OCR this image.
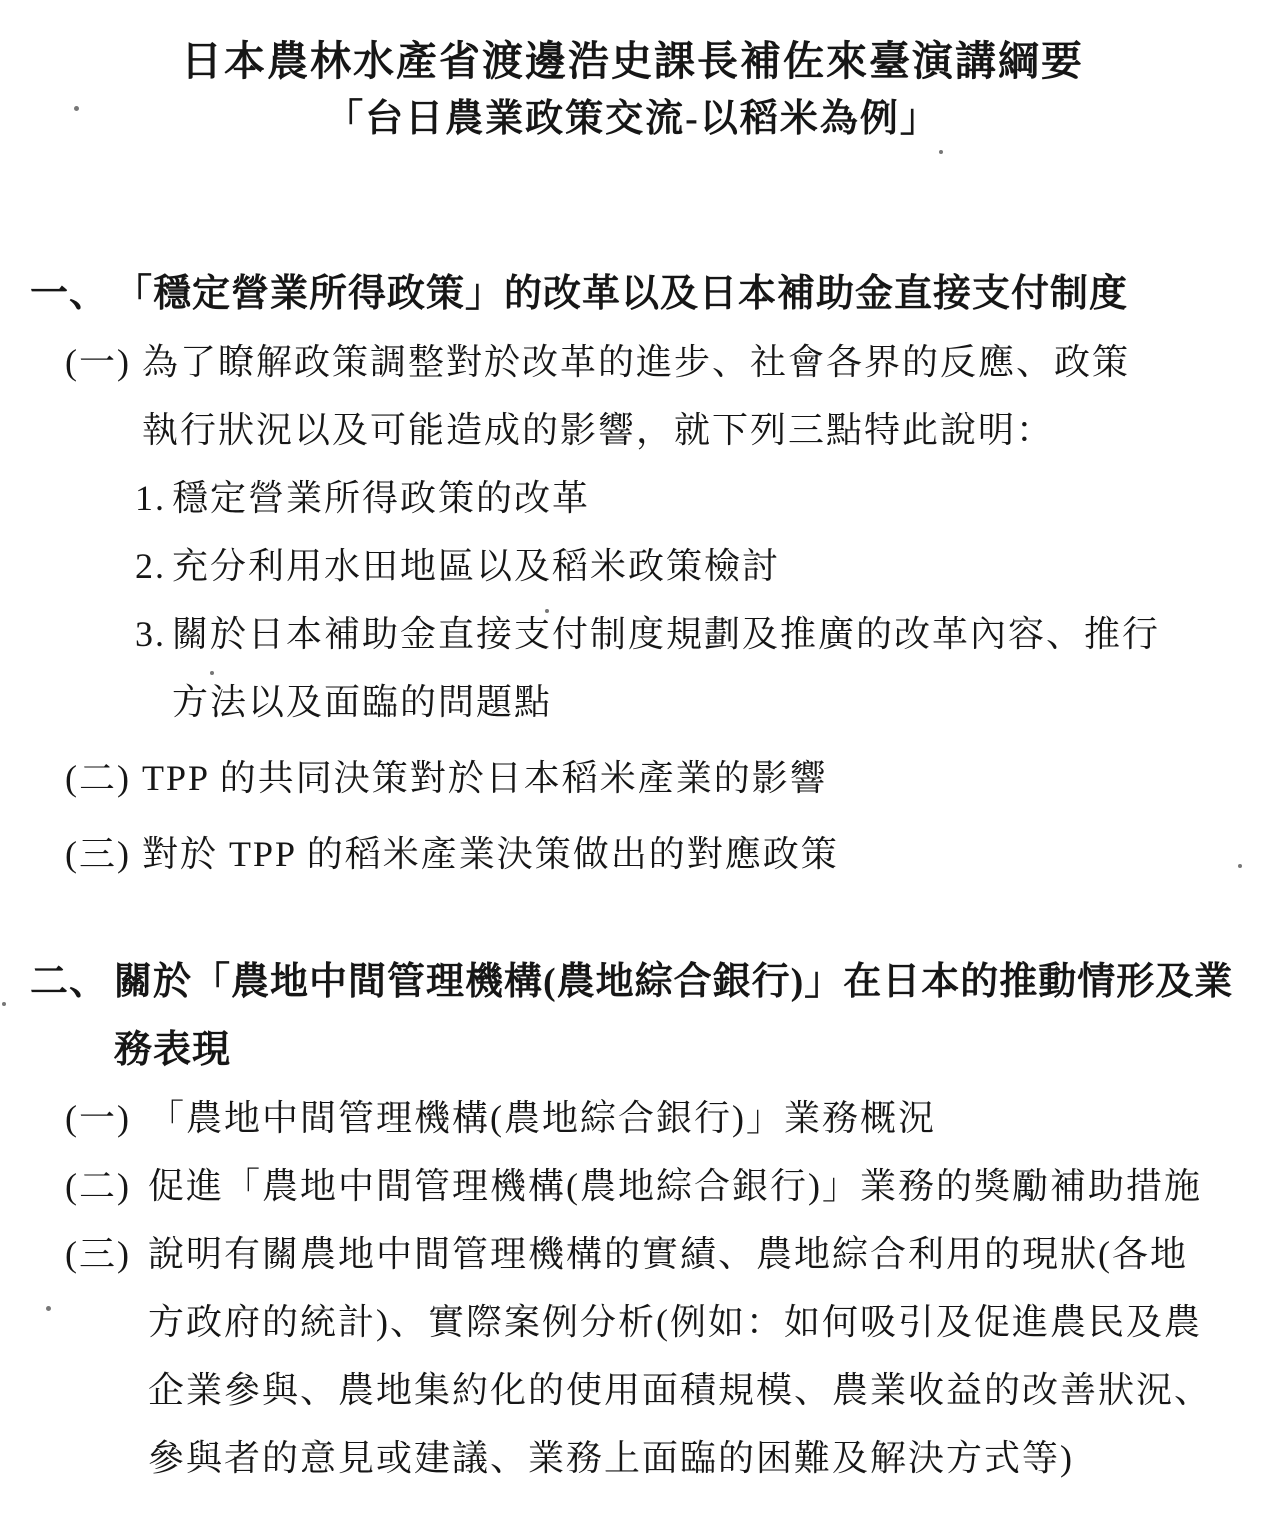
日本農林水產省渡邊浩史課長補佐來臺演講綱要
「台日農業政策交流-以稻米為例」
一、 「穩定營業所得政策」的改革以及日本補助金直接支付制度
(一) 為了瞭解政策調整對於改革的進步、社會各界的反應、政策
執行狀況以及可能造成的影響，就下列三點特此說明：
1. 穩定營業所得政策的改革
2. 充分利用水田地區以及稻米政策檢討
3. 關於日本補助金直接支付制度規劃及推廣的改革內容、推行
方法以及面臨的問題點
(二) TPP 的共同決策對於日本稻米產業的影響
(三) 對於 TPP 的稻米產業決策做出的對應政策
二、 關於「農地中間管理機構(農地綜合銀行)」在日本的推動情形及業
務表現
(一) 「農地中間管理機構(農地綜合銀行)」業務概況
(二) 促進「農地中間管理機構(農地綜合銀行)」業務的獎勵補助措施
(三) 說明有關農地中間管理機構的實績、農地綜合利用的現狀(各地
方政府的統計)、實際案例分析(例如：如何吸引及促進農民及農
企業參與、農地集約化的使用面積規模、農業收益的改善狀況、
參與者的意見或建議、業務上面臨的困難及解決方式等)
